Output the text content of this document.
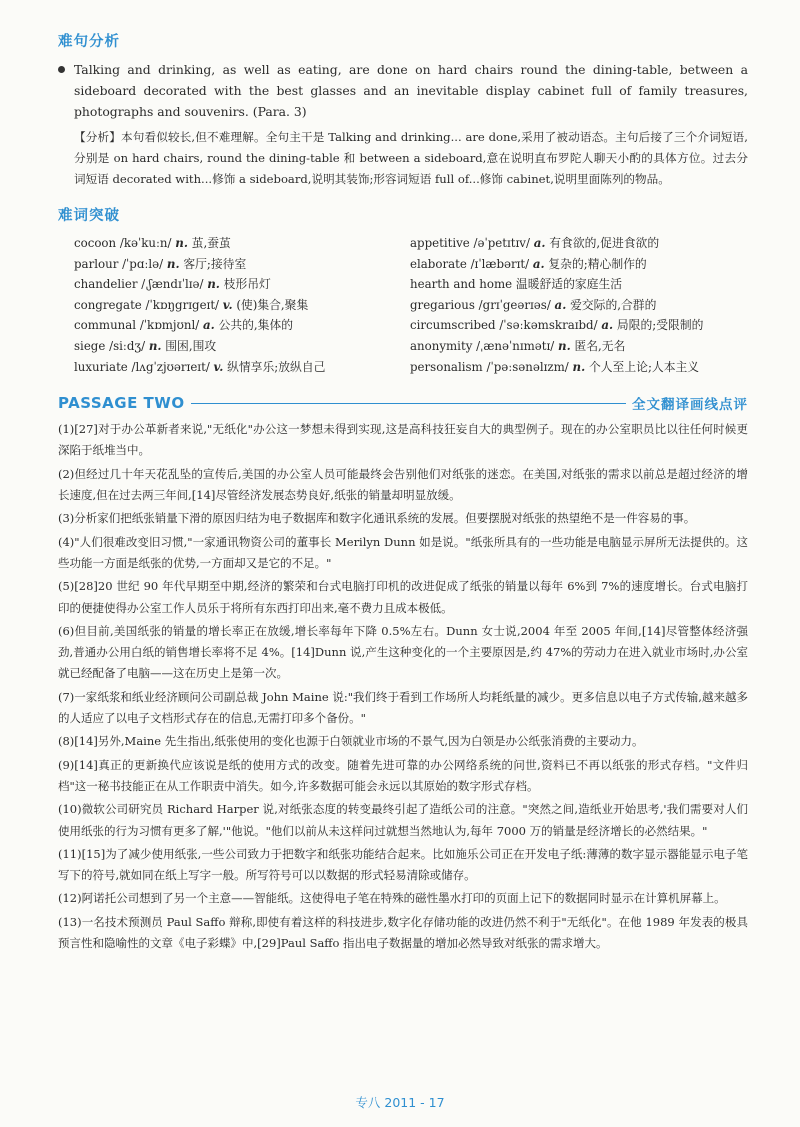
难句分析
Talking and drinking, as well as eating, are done on hard chairs round the dining-table, between a sideboard decorated with the best glasses and an inevitable display cabinet full of family treasures, photographs and souvenirs. (Para. 3)
【分析】本句看似较长,但不难理解。全句主干是 Talking and drinking... are done,采用了被动语态。主句后接了三个介词短语,分别是 on hard chairs, round the dining-table 和 between a sideboard,意在说明直布罗陀人聊天小酌的具体方位。过去分词短语 decorated with...修饰 a sideboard,说明其装饰;形容词短语 full of...修饰 cabinet,说明里面陈列的物品。
难词突破
cocoon /kəˈkuːn/ n. 茧,蚕茧
parlour /ˈpɑːlə/ n. 客厅;接待室
chandelier /ˌʃændɪˈlɪə/ n. 枝形吊灯
congregate /ˈkɒŋgrɪgeɪt/ v. (使)集合,聚集
communal /ˈkɒmjʊnl/ a. 公共的,集体的
siege /siːdʒ/ n. 围困,围攻
luxuriate /lʌgˈzjʊərɪeɪt/ v. 纵情享乐;放纵自己
appetitive /əˈpetɪtɪv/ a. 有食欲的,促进食欲的
elaborate /ɪˈlæbərɪt/ a. 复杂的;精心制作的
hearth and home 温暖舒适的家庭生活
gregarious /grɪˈgeərɪəs/ a. 爱交际的,合群的
circumscribed /ˈsəːkəmskraɪbd/ a. 局限的;受限制的
anonymity /ˌænəˈnɪmətɪ/ n. 匿名,无名
personalism /ˈpəːsənəlɪzm/ n. 个人至上论;人本主义
PASSAGE TWO	全文翻译画线点评

(1)[27]对于办公革新者来说,"无纸化"办公这一梦想未得到实现,这是高科技狂妄自大的典型例子。现在的办公室职员比以往任何时候更深陷于纸堆当中。

(2)但经过几十年天花乱坠的宣传后,美国的办公室人员可能最终会告别他们对纸张的迷恋。在美国,对纸张的需求以前总是超过经济的增长速度,但在过去两三年间,[14]尽管经济发展态势良好,纸张的销量却明显放缓。

(3)分析家们把纸张销量下滑的原因归结为电子数据库和数字化通讯系统的发展。但要摆脱对纸张的热望绝不是一件容易的事。

(4)"人们很难改变旧习惯,"一家通讯物资公司的董事长 Merilyn Dunn 如是说。"纸张所具有的一些功能是电脑显示屏所无法提供的。这些功能一方面是纸张的优势,一方面却又是它的不足。"

(5)[28]20 世纪 90 年代早期至中期,经济的繁荣和台式电脑打印机的改进促成了纸张的销量以每年 6%到 7%的速度增长。台式电脑打印的便捷使得办公室工作人员乐于将所有东西打印出来,毫不费力且成本极低。

(6)但目前,美国纸张的销量的增长率正在放缓,增长率每年下降 0.5%左右。Dunn 女士说,2004 年至 2005 年间,[14]尽管整体经济强劲,普通办公用白纸的销售增长率将不足 4%。[14]Dunn 说,产生这种变化的一个主要原因是,约 47%的劳动力在进入就业市场时,办公室就已经配备了电脑——这在历史上是第一次。

(7)一家纸浆和纸业经济顾问公司副总裁 John Maine 说:"我们终于看到工作场所人均耗纸量的减少。更多信息以电子方式传输,越来越多的人适应了以电子文档形式存在的信息,无需打印多个备份。"

(8)[14]另外,Maine 先生指出,纸张使用的变化也源于白领就业市场的不景气,因为白领是办公纸张消费的主要动力。

(9)[14]真正的更新换代应该说是纸的使用方式的改变。随着先进可靠的办公网络系统的问世,资料已不再以纸张的形式存档。"文件归档"这一秘书技能正在从工作职责中消失。如今,许多数据可能会永远以其原始的数字形式存档。

(10)微软公司研究员 Richard Harper 说,对纸张态度的转变最终引起了造纸公司的注意。"突然之间,造纸业开始思考,'我们需要对人们使用纸张的行为习惯有更多了解,'"他说。"他们以前从未这样问过就想当然地认为,每年 7000 万的销量是经济增长的必然结果。"

(11)[15]为了减少使用纸张,一些公司致力于把数字和纸张功能结合起来。比如施乐公司正在开发电子纸:薄薄的数字显示器能显示电子笔写下的符号,就如同在纸上写字一般。所写符号可以以数据的形式轻易清除或储存。

(12)阿诺托公司想到了另一个主意——智能纸。这使得电子笔在特殊的磁性墨水打印的页面上记下的数据同时显示在计算机屏幕上。

(13)一名技术预测员 Paul Saffo 辩称,即使有着这样的科技进步,数字化存储功能的改进仍然不利于"无纸化"。在他 1989 年发表的极具预言性和隐喻性的文章《电子彩蝶》中,[29]Paul Saffo 指出电子数据量的增加必然导致对纸张的需求增大。

专八 2011 - 17
